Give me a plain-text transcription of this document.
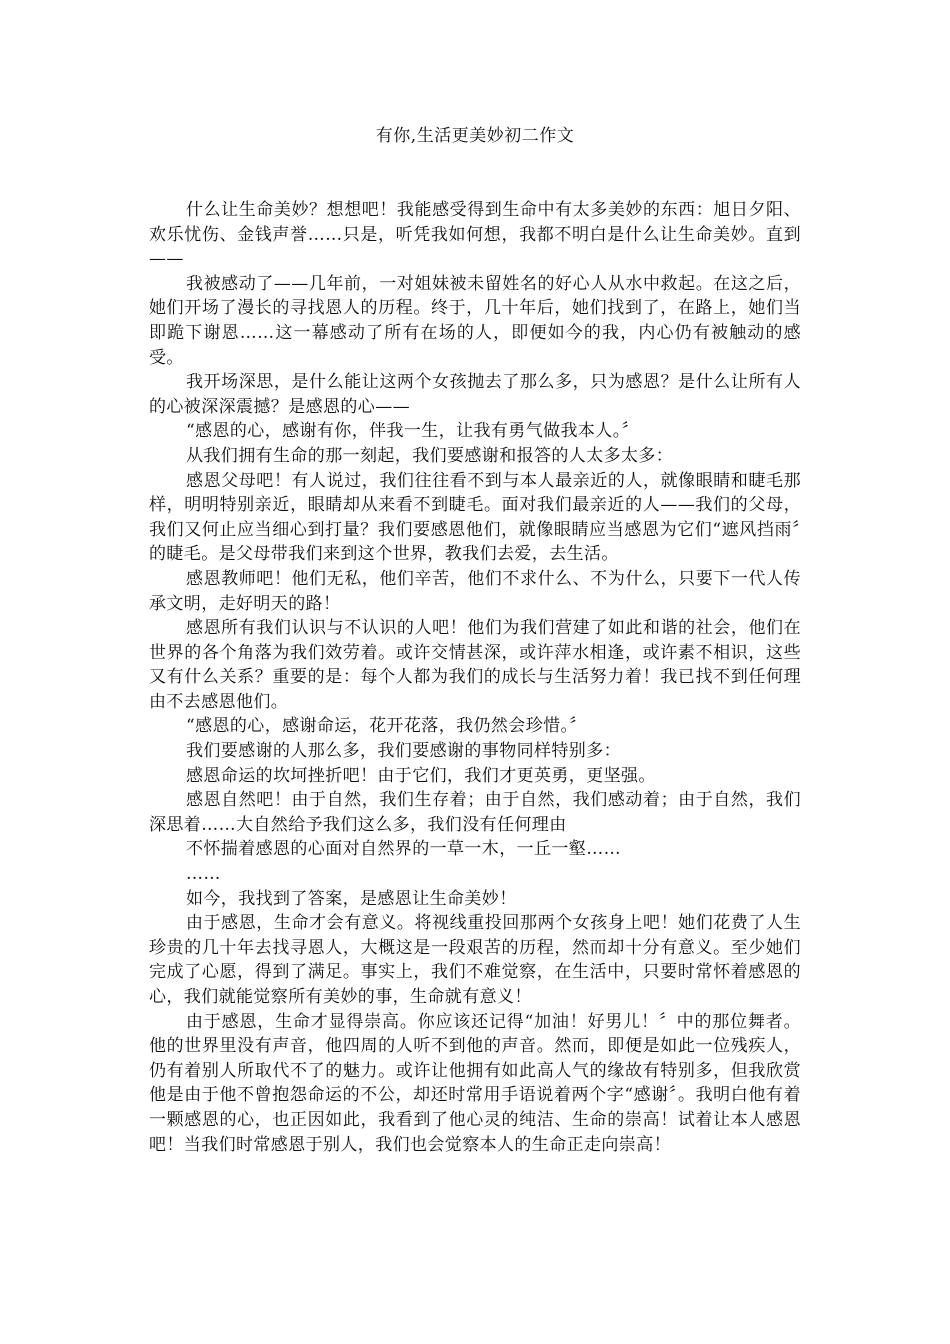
有你,生活更美妙初二作文

什么让生命美妙？想想吧！我能感受得到生命中有太多美妙的东西：旭日夕阳、欢乐忧伤、金钱声誉……只是，听凭我如何想，我都不明白是什么让生命美妙。直到——

我被感动了——几年前，一对姐妹被未留姓名的好心人从水中救起。在这之后，她们开场了漫长的寻找恩人的历程。终于，几十年后，她们找到了，在路上，她们当即跪下谢恩……这一幕感动了所有在场的人，即便如今的我，内心仍有被触动的感受。

我开场深思，是什么能让这两个女孩抛去了那么多，只为感恩？是什么让所有人的心被深深震撼？是感恩的心——

“感恩的心，感谢有你，伴我一生，让我有勇气做我本人。〞

从我们拥有生命的那一刻起，我们要感谢和报答的人太多太多：

感恩父母吧！有人说过，我们往往看不到与本人最亲近的人，就像眼睛和睫毛那样，明明特别亲近，眼睛却从来看不到睫毛。面对我们最亲近的人——我们的父母，我们又何止应当细心到打量？我们要感恩他们，就像眼睛应当感恩为它们“遮风挡雨〞的睫毛。是父母带我们来到这个世界，教我们去爱，去生活。

感恩教师吧！他们无私，他们辛苦，他们不求什么、不为什么，只要下一代人传承文明，走好明天的路！

感恩所有我们认识与不认识的人吧！他们为我们营建了如此和谐的社会，他们在世界的各个角落为我们效劳着。或许交情甚深，或许萍水相逢，或许素不相识，这些又有什么关系？重要的是：每个人都为我们的成长与生活努力着！我已找不到任何理由不去感恩他们。

“感恩的心，感谢命运，花开花落，我仍然会珍惜。〞

我们要感谢的人那么多，我们要感谢的事物同样特别多：

感恩命运的坎坷挫折吧！由于它们，我们才更英勇，更坚强。

感恩自然吧！由于自然，我们生存着；由于自然，我们感动着；由于自然，我们深思着……大自然给予我们这么多，我们没有任何理由

不怀揣着感恩的心面对自然界的一草一木，一丘一壑……

……

如今，我找到了答案，是感恩让生命美妙！

由于感恩，生命才会有意义。将视线重投回那两个女孩身上吧！她们花费了人生珍贵的几十年去找寻恩人，大概这是一段艰苦的历程，然而却十分有意义。至少她们完成了心愿，得到了满足。事实上，我们不难觉察，在生活中，只要时常怀着感恩的心，我们就能觉察所有美妙的事，生命就有意义！

由于感恩，生命才显得崇高。你应该还记得“加油！好男儿！〞中的那位舞者。他的世界里没有声音，他四周的人听不到他的声音。然而，即便是如此一位残疾人，仍有着别人所取代不了的魅力。或许让他拥有如此高人气的缘故有特别多，但我欣赏他是由于他不曾抱怨命运的不公，却还时常用手语说着两个字“感谢〞。我明白他有着一颗感恩的心，也正因如此，我看到了他心灵的纯洁、生命的崇高！试着让本人感恩吧！当我们时常感恩于别人，我们也会觉察本人的生命正走向崇高！
